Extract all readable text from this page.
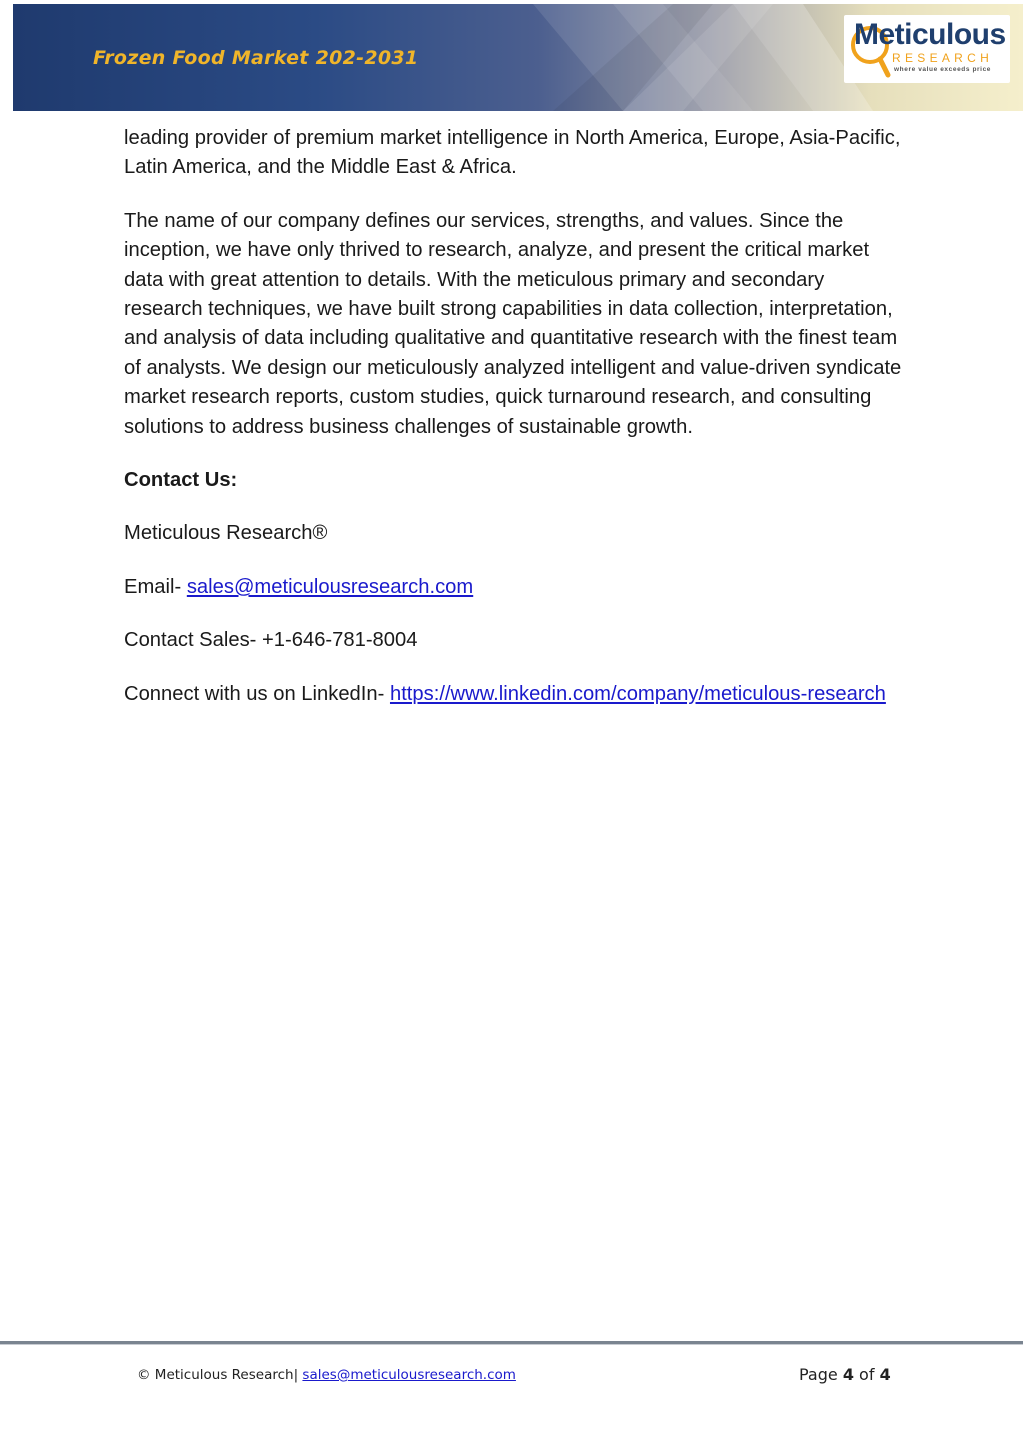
Frozen Food Market 202-2031
Meticulous
RESEARCH
where value exceeds price

leading provider of premium market intelligence in North America, Europe, Asia-Pacific, Latin America, and the Middle East & Africa.

The name of our company defines our services, strengths, and values. Since the inception, we have only thrived to research, analyze, and present the critical market data with great attention to details. With the meticulous primary and secondary research techniques, we have built strong capabilities in data collection, interpretation, and analysis of data including qualitative and quantitative research with the finest team of analysts. We design our meticulously analyzed intelligent and value-driven syndicate market research reports, custom studies, quick turnaround research, and consulting solutions to address business challenges of sustainable growth.

Contact Us:

Meticulous Research®

Email- sales@meticulousresearch.com

Contact Sales- +1-646-781-8004

Connect with us on LinkedIn- https://www.linkedin.com/company/meticulous-research

© Meticulous Research| sales@meticulousresearch.com	Page 4 of 4
